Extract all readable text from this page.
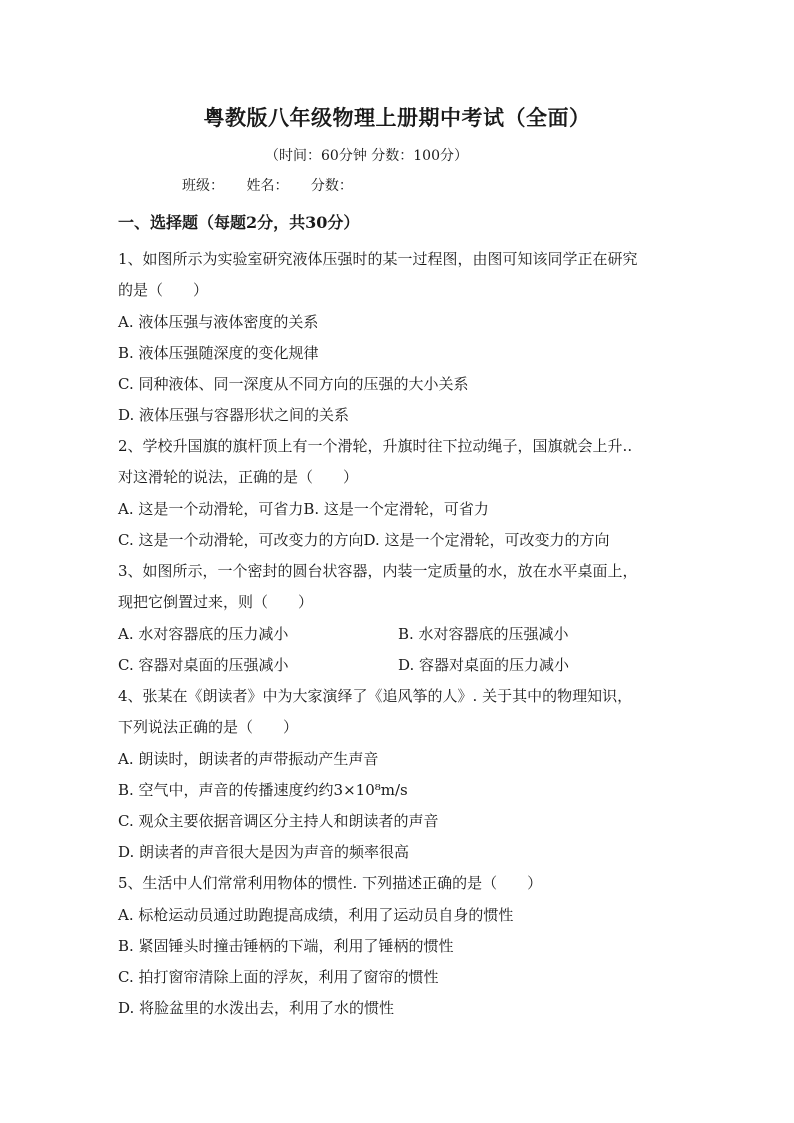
粤教版八年级物理上册期中考试（全面）
（时间：60分钟 分数：100分）
班级： 姓名： 分数：
一、选择题（每题2分，共30分）
1、如图所示为实验室研究液体压强时的某一过程图，由图可知该同学正在研究
的是（　　）
A. 液体压强与液体密度的关系
B. 液体压强随深度的变化规律
C. 同种液体、同一深度从不同方向的压强的大小关系
D. 液体压强与容器形状之间的关系
2、学校升国旗的旗杆顶上有一个滑轮，升旗时往下拉动绳子，国旗就会上升..
对这滑轮的说法，正确的是（　　）
A. 这是一个动滑轮，可省力B. 这是一个定滑轮，可省力
C. 这是一个动滑轮，可改变力的方向D. 这是一个定滑轮，可改变力的方向
3、如图所示，一个密封的圆台状容器，内装一定质量的水，放在水平桌面上，
现把它倒置过来，则（　　）
A. 水对容器底的压力减小	B. 水对容器底的压强减小
C. 容器对桌面的压强减小	D. 容器对桌面的压力减小
4、张某在《朗读者》中为大家演绎了《追风筝的人》. 关于其中的物理知识，
下列说法正确的是（　　）
A. 朗读时，朗读者的声带振动产生声音
B. 空气中，声音的传播速度约约3×10⁸m/s
C. 观众主要依据音调区分主持人和朗读者的声音
D. 朗读者的声音很大是因为声音的频率很高
5、生活中人们常常利用物体的惯性. 下列描述正确的是（　　）
A. 标枪运动员通过助跑提高成绩，利用了运动员自身的惯性
B. 紧固锤头时撞击锤柄的下端，利用了锤柄的惯性
C. 拍打窗帘清除上面的浮灰，利用了窗帘的惯性
D. 将脸盆里的水泼出去，利用了水的惯性
